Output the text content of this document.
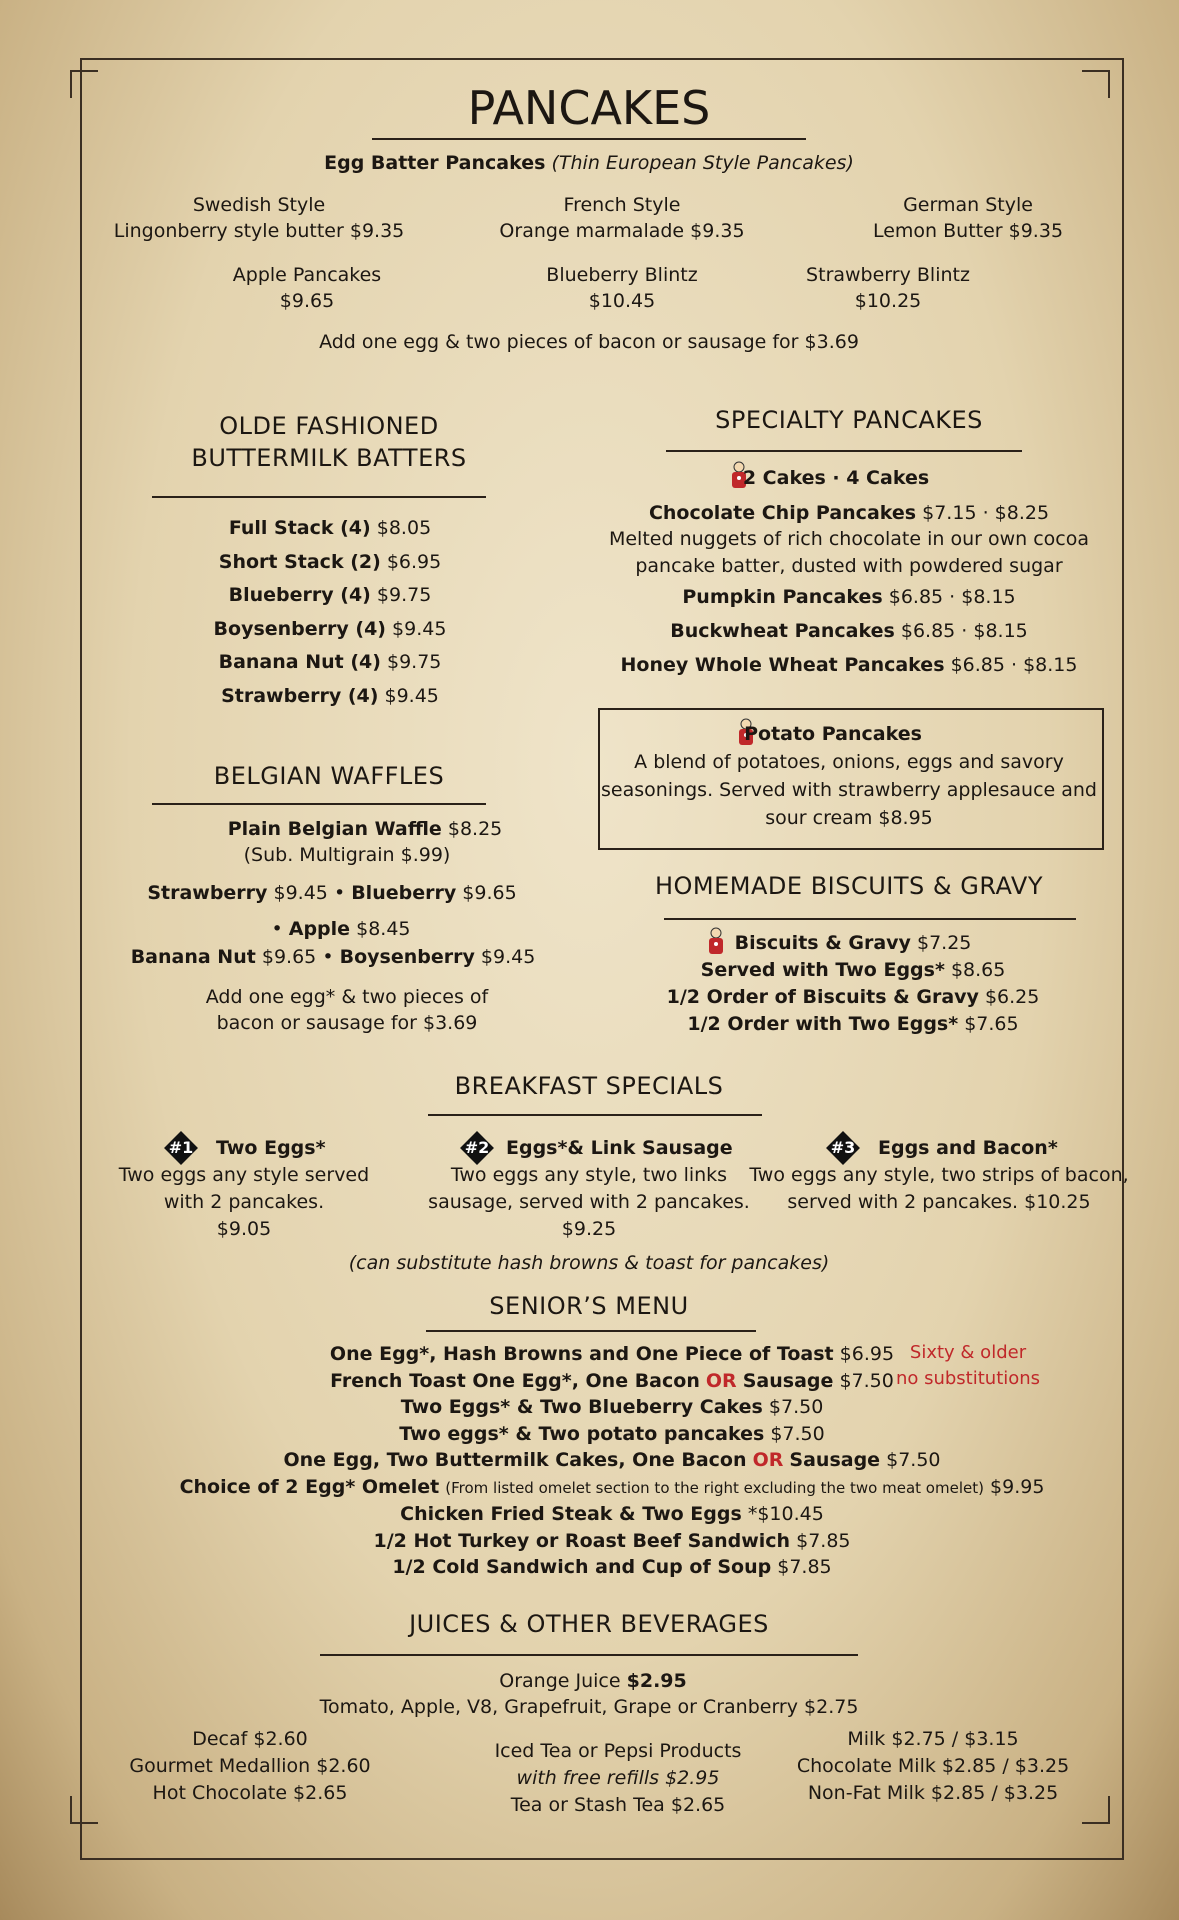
PANCAKES
Egg Batter Pancakes (Thin European Style Pancakes)
Swedish Style
Lingonberry style butter $9.35
French Style
Orange marmalade $9.35
German Style
Lemon Butter $9.35
Apple Pancakes
$9.65
Blueberry Blintz
$10.45
Strawberry Blintz
$10.25
Add one egg & two pieces of bacon or sausage for $3.69
OLDE FASHIONED
BUTTERMILK BATTERS
Full Stack (4) $8.05
Short Stack (2) $6.95
Blueberry (4) $9.75
Boysenberry (4) $9.45
Banana Nut (4) $9.75
Strawberry (4) $9.45
SPECIALTY PANCAKES
2 Cakes · 4 Cakes
Chocolate Chip Pancakes $7.15 · $8.25
Melted nuggets of rich chocolate in our own cocoa
pancake batter, dusted with powdered sugar
Pumpkin Pancakes $6.85 · $8.15
Buckwheat Pancakes $6.85 · $8.15
Honey Whole Wheat Pancakes $6.85 · $8.15
Potato Pancakes
A blend of potatoes, onions, eggs and savory
seasonings. Served with strawberry applesauce and
sour cream $8.95
BELGIAN WAFFLES
Plain Belgian Waffle $8.25
(Sub. Multigrain $.99)
Strawberry $9.45 • Blueberry $9.65
• Apple $8.45
Banana Nut $9.65 • Boysenberry $9.45
Add one egg* & two pieces of
bacon or sausage for $3.69
HOMEMADE BISCUITS & GRAVY
Biscuits & Gravy $7.25
Served with Two Eggs* $8.65
1/2 Order of Biscuits & Gravy $6.25
1/2 Order with Two Eggs* $7.65
BREAKFAST SPECIALS
#1 Two Eggs*
Two eggs any style served
with 2 pancakes.
$9.05
#2 Eggs*& Link Sausage
Two eggs any style, two links
sausage, served with 2 pancakes.
$9.25
#3 Eggs and Bacon*
Two eggs any style, two strips of bacon,
served with 2 pancakes. $10.25
(can substitute hash browns & toast for pancakes)
SENIOR’S MENU
Sixty & older
no substitutions
One Egg*, Hash Browns and One Piece of Toast $6.95
French Toast One Egg*, One Bacon OR Sausage $7.50
Two Eggs* & Two Blueberry Cakes $7.50
Two eggs* & Two potato pancakes $7.50
One Egg, Two Buttermilk Cakes, One Bacon OR Sausage $7.50
Choice of 2 Egg* Omelet (From listed omelet section to the right excluding the two meat omelet) $9.95
Chicken Fried Steak & Two Eggs *$10.45
1/2 Hot Turkey or Roast Beef Sandwich $7.85
1/2 Cold Sandwich and Cup of Soup $7.85
JUICES & OTHER BEVERAGES
Orange Juice $2.95
Tomato, Apple, V8, Grapefruit, Grape or Cranberry $2.75
Decaf $2.60
Gourmet Medallion $2.60
Hot Chocolate $2.65
Iced Tea or Pepsi Products
with free refills $2.95
Tea or Stash Tea $2.65
Milk $2.75 / $3.15
Chocolate Milk $2.85 / $3.25
Non-Fat Milk $2.85 / $3.25
